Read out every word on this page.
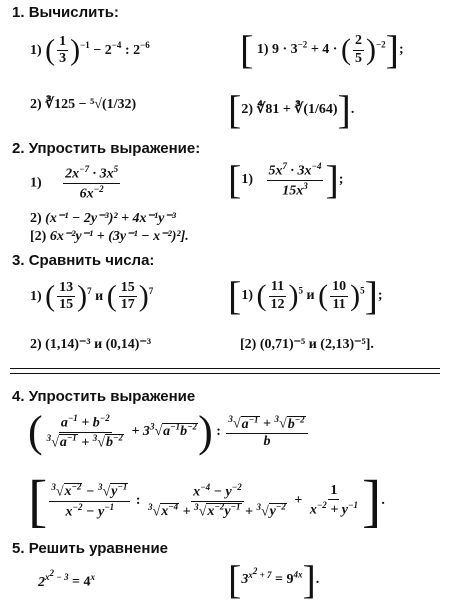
1. Вычислить:
1) ( $\frac{1}{3} )^{-1} - 2^{-4}$ : $2^{-6}$ [ 1) $9 \cdot 3^{-2} + 4$ · ( $\frac{2}{5} )^{-2}$];
2) ∛125 − ⁵√(1/32) [2) ∜81 + ∛(1/64)].
2. Упростить выражение:
$1) \frac{2x^{-7} \cdot 3x^5}{6x^{-2}}$	$[1) \frac{5x^7 \cdot 3x^{-4}}{15x^3}$ ];
2) (x⁻¹ − 2y⁻³)² + 4x⁻¹y⁻³
[2) 6x⁻²y⁻¹ + (3y⁻¹ − x⁻²)²].
3. Сравнить числа:
1) ( $\frac{13}{15} )^7$ и ( $\frac{15}{17} )^7$ [1) ( $\frac{11}{12} )^5$ и ( $\frac{10}{11} )^5$];
2) (1,14)⁻³ и (0,14)⁻³	[2) (0,71)⁻⁵ и (2,13)⁻⁵].
4. Упростить выражение
( $\frac{a^{-1} + b^{-2}}{^3√a^{-1} + ^3√b^{-2}} + 3^3√a^{-1}b^{-2}$) : $\frac{^3√a^{-1} + ^3√b^{-2}}{b}$
[ $\frac{^3√x^{-2} - ^3√y^{-1}}{x^{-2} - y^{-1}}$ : $\frac{x^{-4} - y^{-2}}{^3√x^{-4} + ^3√x^{-2}y^{-1} + ^3√y^{-2}} + \frac{1}{x^{-2} + y^{-1}}$ ].
5. Решить уравнение
$2^{x^2 - 3} = 4^x$	$[3^{x^2 + 7} = 9^{4x}]$.
